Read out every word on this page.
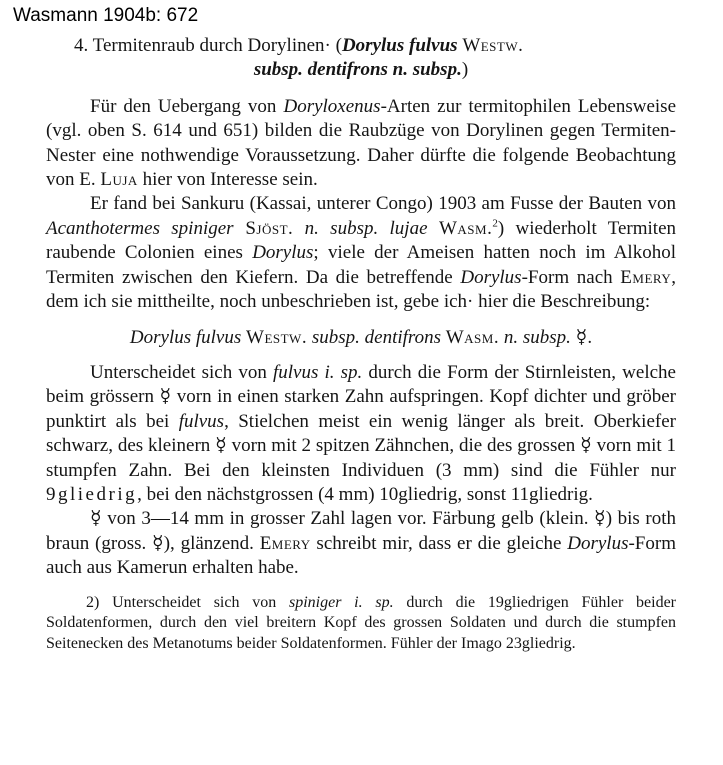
Wasmann 1904b: 672
4. Termitenraub durch Dorylinen· (Dorylus fulvus Westw.
subsp. dentifrons n. subsp.)

Für den Uebergang von Doryloxenus-Arten zur termitophilen Lebensweise (vgl. oben S. 614 und 651) bilden die Raubzüge von Dorylinen gegen Termiten-Nester eine nothwendige Voraussetzung. Daher dürfte die folgende Beobachtung von E. Luja hier von Interesse sein.

Er fand bei Sankuru (Kassai, unterer Congo) 1903 am Fusse der Bauten von Acanthotermes spiniger Sjöst. n. subsp. lujae Wasm.$^2$) wiederholt Termiten raubende Colonien eines Dorylus; viele der Ameisen hatten noch im Alkohol Termiten zwischen den Kiefern. Da die betreffende Dorylus-Form nach Emery, dem ich sie mittheilte, noch unbeschrieben ist, gebe ich· hier die Beschreibung:

Dorylus fulvus Westw. subsp. dentifrons Wasm. n. subsp. ☿.

Unterscheidet sich von fulvus i. sp. durch die Form der Stirnleisten, welche beim grössern ☿ vorn in einen starken Zahn aufspringen. Kopf dichter und gröber punktirt als bei fulvus, Stielchen meist ein wenig länger als breit. Oberkiefer schwarz, des kleinern ☿ vorn mit 2 spitzen Zähnchen, die des grossen ☿ vorn mit 1 stumpfen Zahn. Bei den kleinsten Individuen (3 mm) sind die Fühler nur 9gliedrig, bei den nächstgrossen (4 mm) 10gliedrig, sonst 11gliedrig.

☿ von 3—14 mm in grosser Zahl lagen vor. Färbung gelb (klein. ☿) bis roth braun (gross. ☿), glänzend. Emery schreibt mir, dass er die gleiche Dorylus-Form auch aus Kamerun erhalten habe.

2) Unterscheidet sich von spiniger i. sp. durch die 19gliedrigen Fühler beider Soldatenformen, durch den viel breitern Kopf des grossen Soldaten und durch die stumpfen Seitenecken des Metanotums beider Soldatenformen. Fühler der Imago 23gliedrig.
